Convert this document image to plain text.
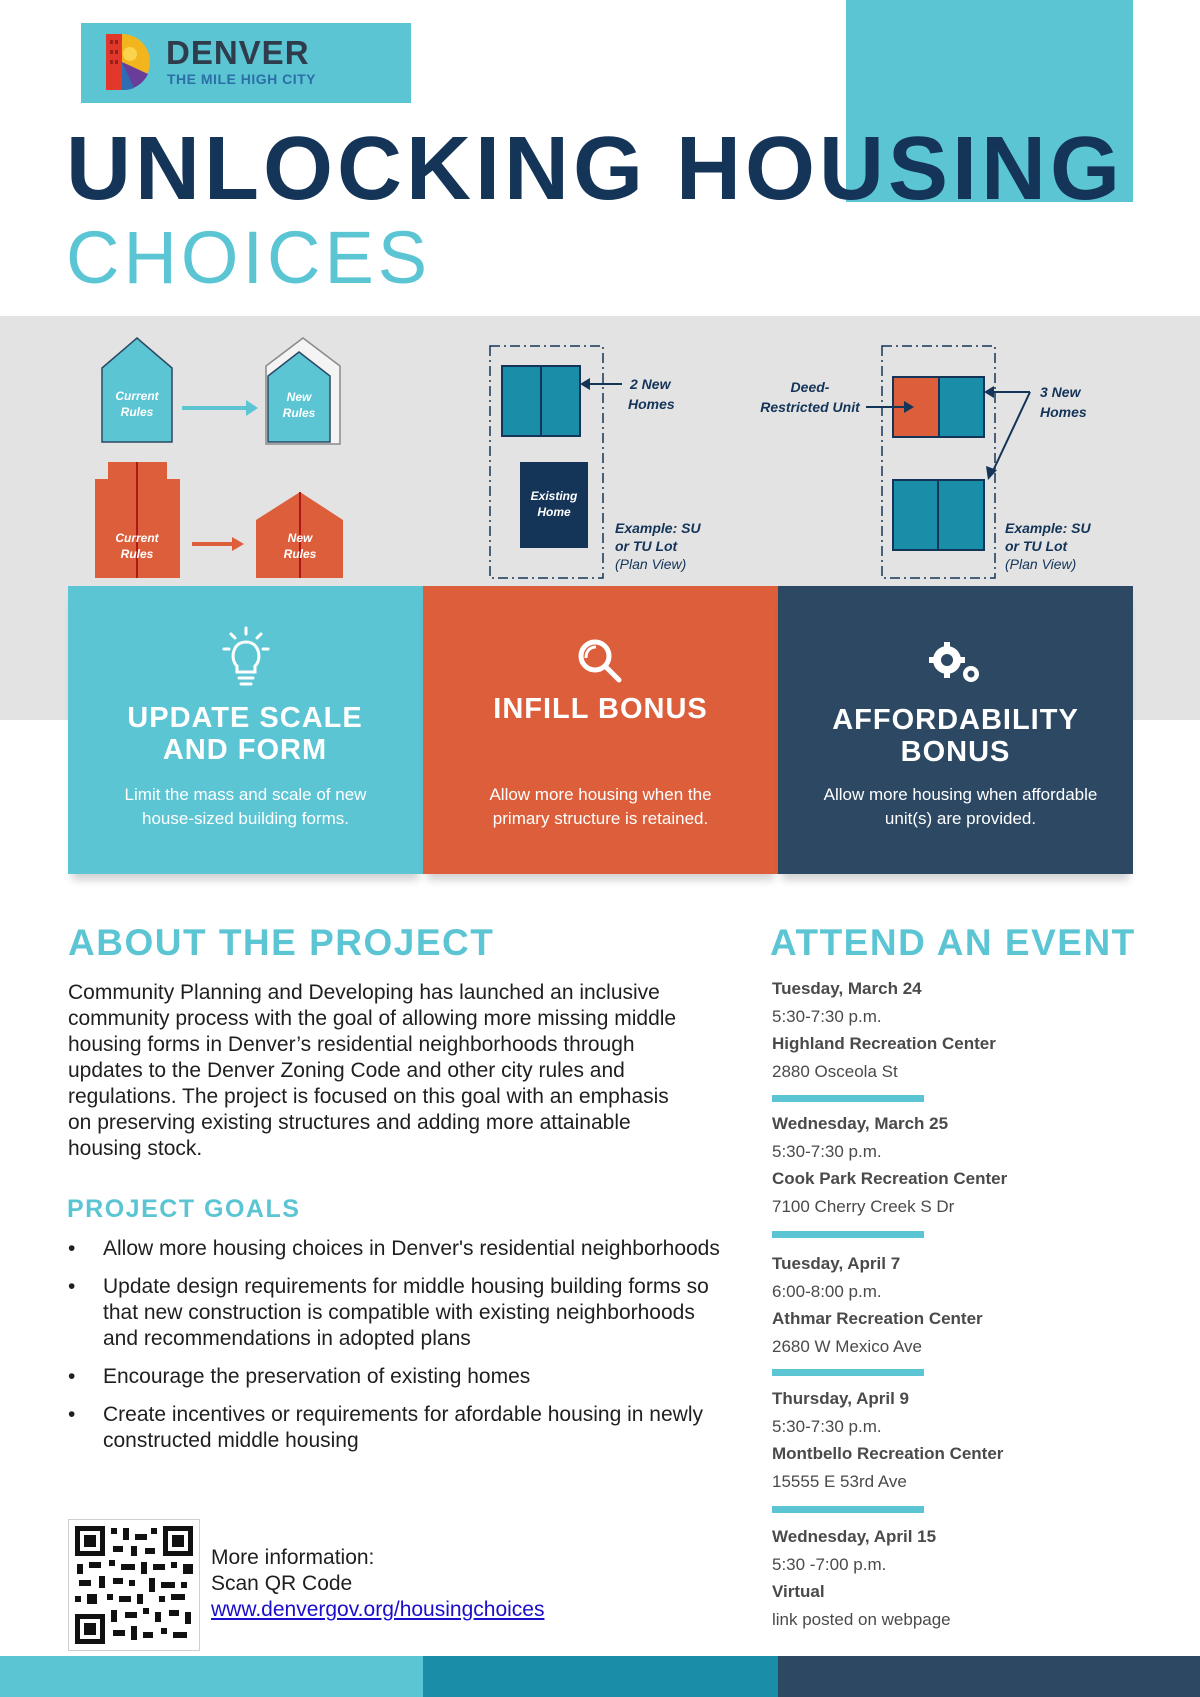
DENVER
THE MILE HIGH CITY
UNLOCKING HOUSING
CHOICES
Current
Rules
New
Rules
Current
Rules
New
Rules
Existing
Home
2 New
Homes
Example: SU
or TU Lot
(Plan View)
Deed-
Restricted Unit
3 New
Homes
Example: SU
or TU Lot
(Plan View)
UPDATE SCALE AND FORM
Limit the mass and scale of new house-sized building forms.
INFILL BONUS
Allow more housing when the primary structure is retained.
AFFORDABILITY BONUS
Allow more housing when affordable unit(s) are provided.
ABOUT THE PROJECT
Community Planning and Developing has launched an inclusive community process with the goal of allowing more missing middle housing forms in Denver’s residential neighborhoods through updates to the Denver Zoning Code and other city rules and regulations. The project is focused on this goal with an emphasis on preserving existing structures and adding more attainable housing stock.
PROJECT GOALS
• Allow more housing choices in Denver's residential neighborhoods
• Update design requirements for middle housing building forms so that new construction is compatible with existing neighborhoods and recommendations in adopted plans
• Encourage the preservation of existing homes
• Create incentives or requirements for afordable housing in newly constructed middle housing
More information:
Scan QR Code
www.denvergov.org/housingchoices
ATTEND AN EVENT
Tuesday, March 24
5:30-7:30 p.m.
Highland Recreation Center
2880 Osceola St
Wednesday, March 25
5:30-7:30 p.m.
Cook Park Recreation Center
7100 Cherry Creek S Dr
Tuesday, April 7
6:00-8:00 p.m.
Athmar Recreation Center
2680 W Mexico Ave
Thursday, April 9
5:30-7:30 p.m.
Montbello Recreation Center
15555 E 53rd Ave
Wednesday, April 15
5:30 -7:00 p.m.
Virtual
link posted on webpage
